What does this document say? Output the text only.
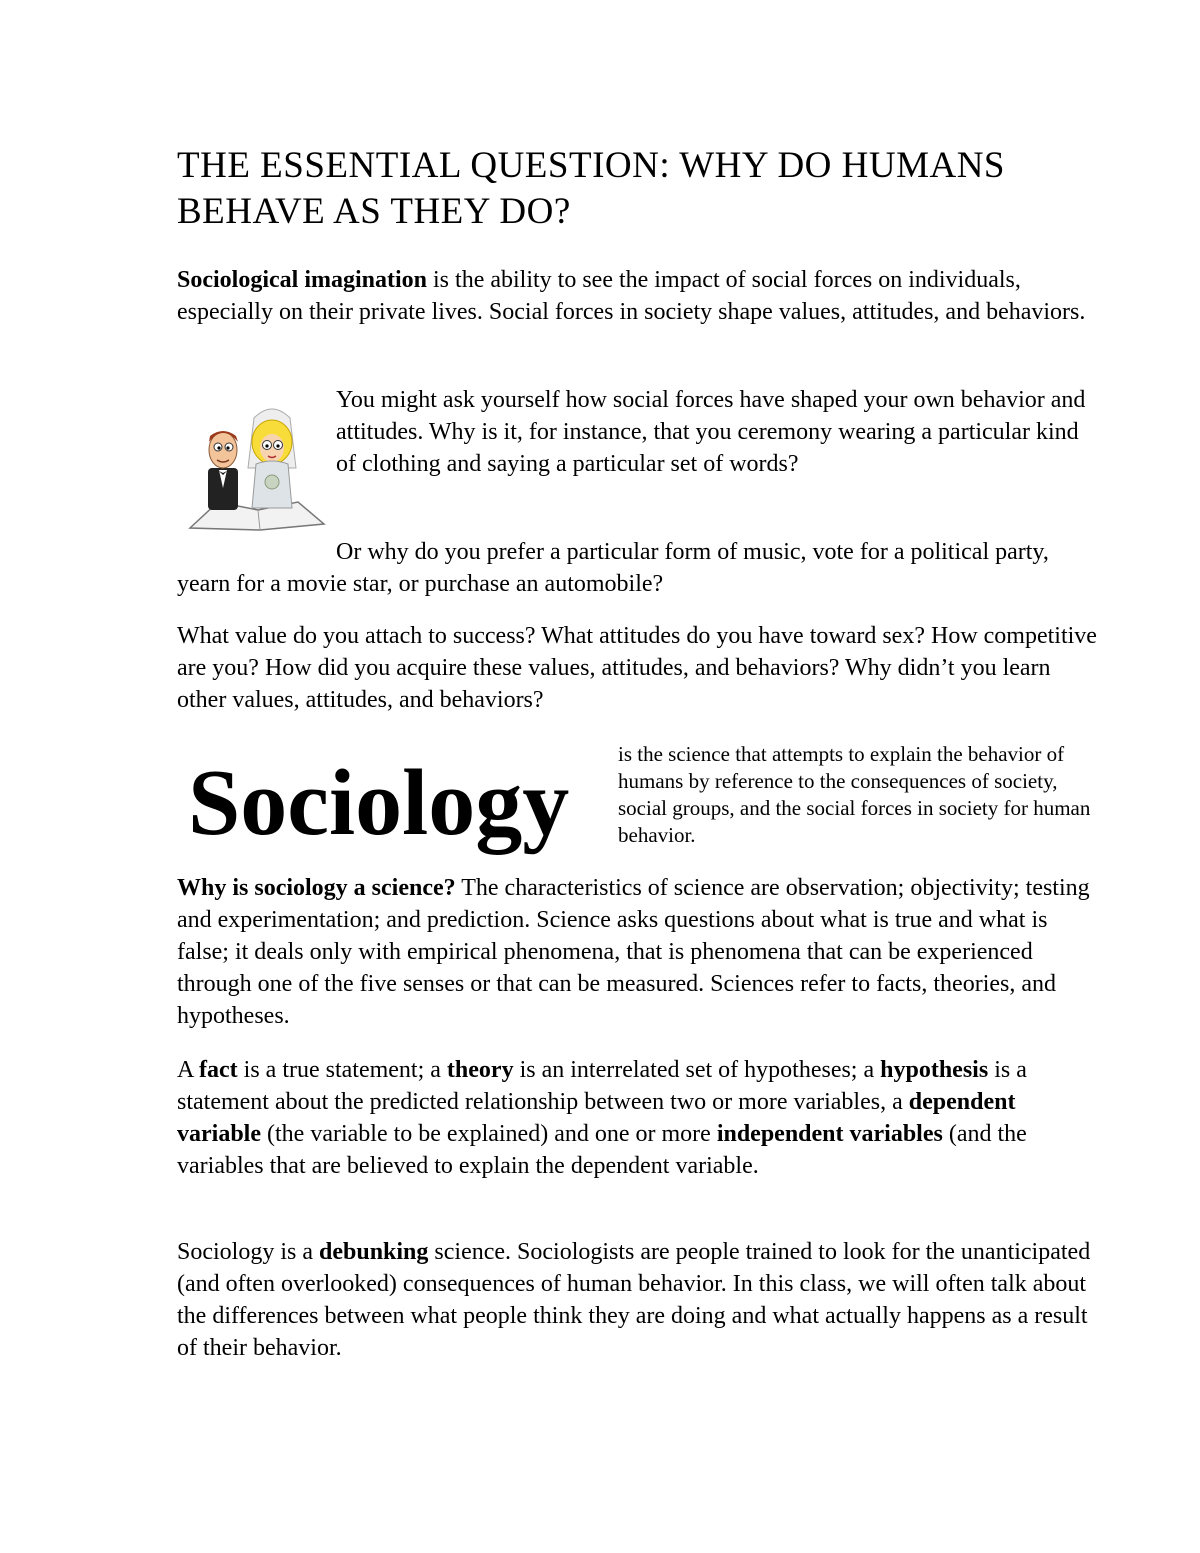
THE ESSENTIAL QUESTION: WHY DO HUMANS BEHAVE AS THEY DO?

Sociological imagination is the ability to see the impact of social forces on individuals, especially on their private lives. Social forces in society shape values, attitudes, and behaviors.

You might ask yourself how social forces have shaped your own behavior and attitudes. Why is it, for instance, that you ceremony wearing a particular kind of clothing and saying a particular set of words?

Or why do you prefer a particular form of music, vote for a political party, yearn for a movie star, or purchase an automobile?

What value do you attach to success? What attitudes do you have toward sex? How competitive are you? How did you acquire these values, attitudes, and behaviors? Why didn’t you learn other values, attitudes, and behaviors?

Sociology is the science that attempts to explain the behavior of humans by reference to the consequences of society, social groups, and the social forces in society for human behavior.

Why is sociology a science? The characteristics of science are observation; objectivity; testing and experimentation; and prediction. Science asks questions about what is true and what is false; it deals only with empirical phenomena, that is phenomena that can be experienced through one of the five senses or that can be measured. Sciences refer to facts, theories, and hypotheses.

A fact is a true statement; a theory is an interrelated set of hypotheses; a hypothesis is a statement about the predicted relationship between two or more variables, a dependent variable (the variable to be explained) and one or more independent variables (and the variables that are believed to explain the dependent variable.

Sociology is a debunking science. Sociologists are people trained to look for the unanticipated (and often overlooked) consequences of human behavior. In this class, we will often talk about the differences between what people think they are doing and what actually happens as a result of their behavior.
